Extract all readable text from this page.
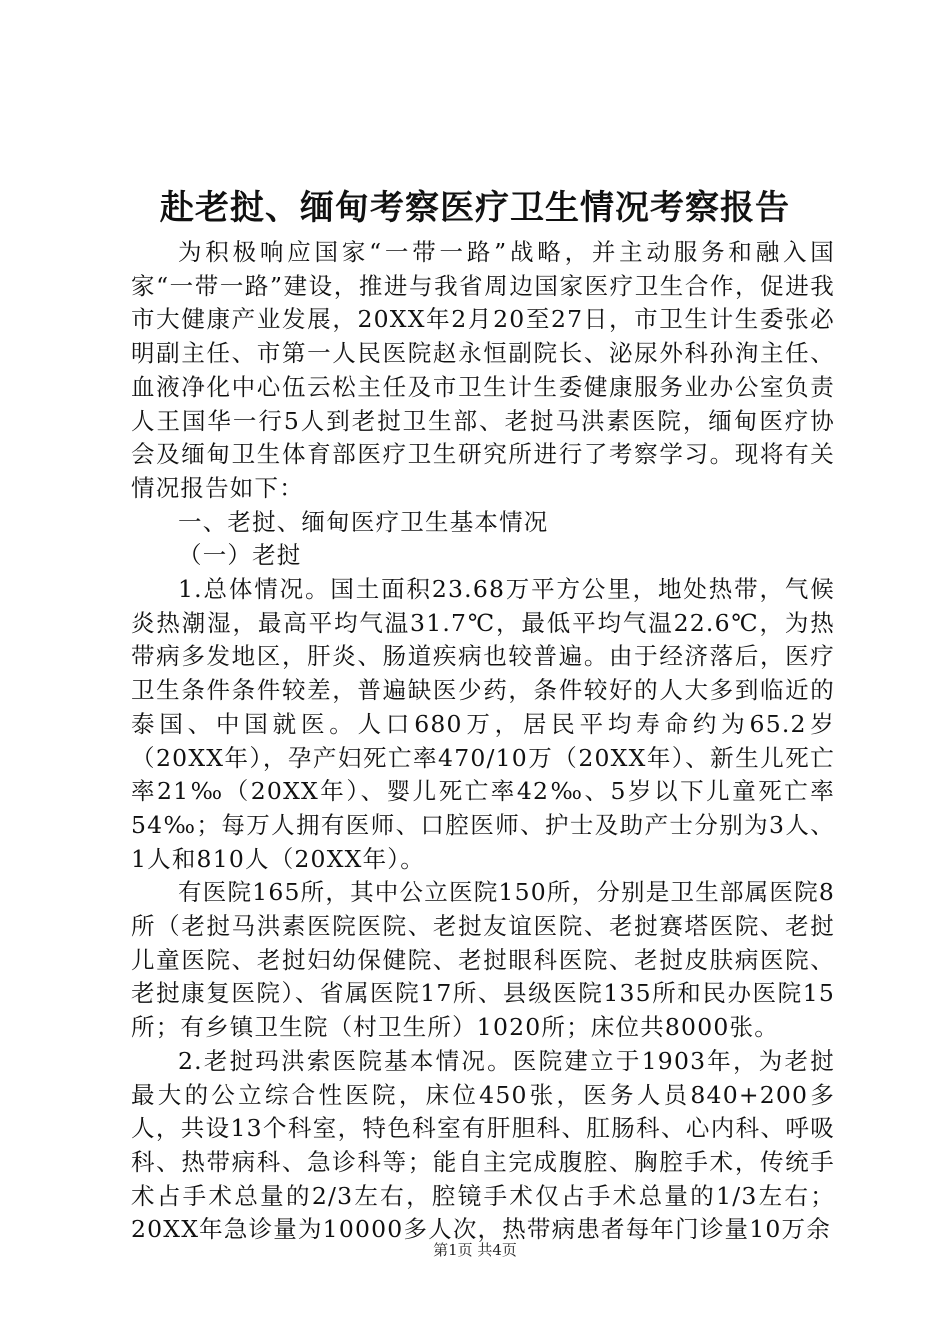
赴老挝、缅甸考察医疗卫生情况考察报告

为积极响应国家“一带一路”战略，并主动服务和融入国家“一带一路”建设，推进与我省周边国家医疗卫生合作，促进我市大健康产业发展，20XX年2月20至27日，市卫生计生委张必明副主任、市第一人民医院赵永恒副院长、泌尿外科孙洵主任、血液净化中心伍云松主任及市卫生计生委健康服务业办公室负责人王国华一行5人到老挝卫生部、老挝马洪素医院，缅甸医疗协会及缅甸卫生体育部医疗卫生研究所进行了考察学习。现将有关情况报告如下：

一、老挝、缅甸医疗卫生基本情况

（一）老挝

1.总体情况。国土面积23.68万平方公里，地处热带，气候炎热潮湿，最高平均气温31.7℃，最低平均气温22.6℃，为热带病多发地区，肝炎、肠道疾病也较普遍。由于经济落后，医疗卫生条件条件较差，普遍缺医少药，条件较好的人大多到临近的泰国、中国就医。人口680万，居民平均寿命约为65.2岁（20XX年），孕产妇死亡率470/10万（20XX年）、新生儿死亡率21‰（20XX年）、婴儿死亡率42‰、5岁以下儿童死亡率54‰；每万人拥有医师、口腔医师、护士及助产士分别为3人、1人和810人（20XX年）。

有医院165所，其中公立医院150所，分别是卫生部属医院8所（老挝马洪素医院医院、老挝友谊医院、老挝赛塔医院、老挝儿童医院、老挝妇幼保健院、老挝眼科医院、老挝皮肤病医院、老挝康复医院）、省属医院17所、县级医院135所和民办医院15所；有乡镇卫生院（村卫生所）1020所；床位共8000张。

2.老挝玛洪索医院基本情况。医院建立于1903年，为老挝最大的公立综合性医院，床位450张，医务人员840+200多人，共设13个科室，特色科室有肝胆科、肛肠科、心内科、呼吸科、热带病科、急诊科等；能自主完成腹腔、胸腔手术，传统手术占手术总量的2/3左右，腔镜手术仅占手术总量的1/3左右；20XX年急诊量为10000多人次，热带病患者每年门诊量10万余

第1页 共4页
